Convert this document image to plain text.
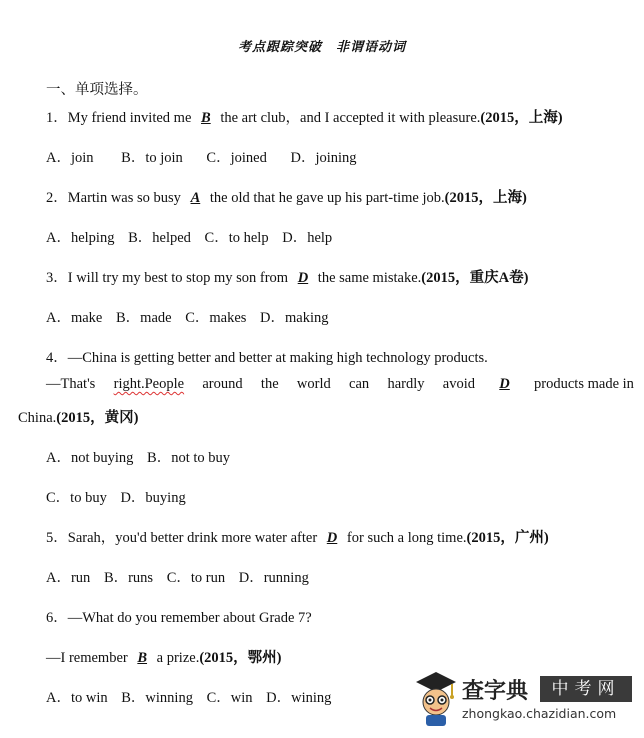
考点跟踪突破　非谓语动词
一、单项选择。
1．My friend invited me B the art club，and I accepted it with pleasure.(2015，上海)
A．join B．to join C．joined D．joining
2．Martin was so busy A the old that he gave up his part-time job.(2015，上海)
A．helping B．helped C．to help D．help
3．I will try my best to stop my son from D the same mistake.(2015，重庆A卷)
A．make B．made C．makes D．making
4．—China is getting better and better at making high technology products.
—That's right.People around the world can hardly avoid	D	products made in
China.(2015，黄冈)
A．not buying B．not to buy
C．to buy D．buying
5．Sarah，you'd better drink more water after D for such a long time.(2015，广州)
A．run B．runs C．to run D．running
6．—What do you remember about Grade 7?
—I remember B a prize.(2015，鄂州)
A．to win B．winning C．win D．wining	查字典	中考网
zhongkao.chazidian.com
